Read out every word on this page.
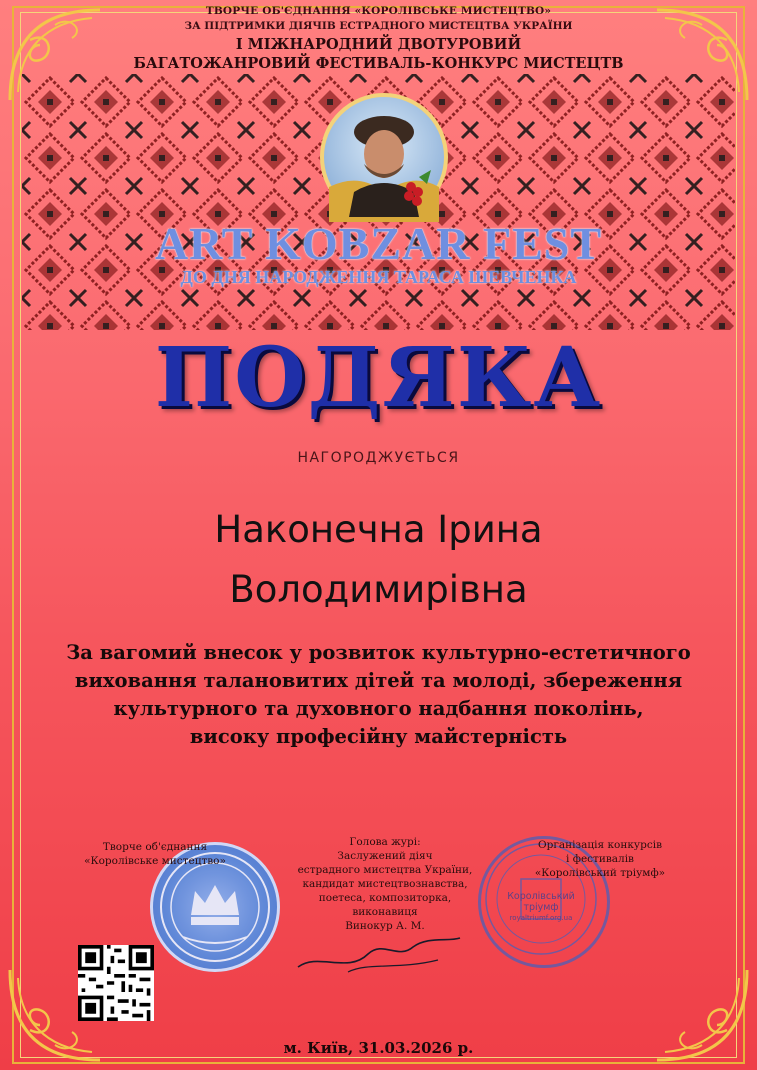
ТВОРЧЕ ОБ'ЄДНАННЯ «КОРОЛІВСЬКЕ МИСТЕЦТВО»
ЗА ПІДТРИМКИ ДІЯЧІВ ЕСТРАДНОГО МИСТЕЦТВА УКРАЇНИ
І МІЖНАРОДНИЙ ДВОТУРОВИЙ
БАГАТОЖАНРОВИЙ ФЕСТИВАЛЬ-КОНКУРС МИСТЕЦТВ
ART KOBZAR FEST
ДО ДНЯ НАРОДЖЕННЯ ТАРАСА ШЕВЧЕНКА
ПОДЯКА
НАГОРОДЖУЄТЬСЯ
Наконечна Ірина
Володимирівна
За вагомий внесок у розвиток культурно-естетичного
виховання талановитих дітей та молоді, збереження
культурного та духовного надбання поколінь,
високу професійну майстерність
Королівський
тріумф
royaltriumf.org.ua
Творче об'єднання
«Королівське мистецтво»
Голова журі:
Заслужений діяч
естрадного мистецтва України,
кандидат мистецтвознавства,
поетеса, композиторка, виконавиця
Винокур А. М.
Організація конкурсів
і фестивалів
«Королівський тріумф»
м. Київ, 31.03.2026 р.
